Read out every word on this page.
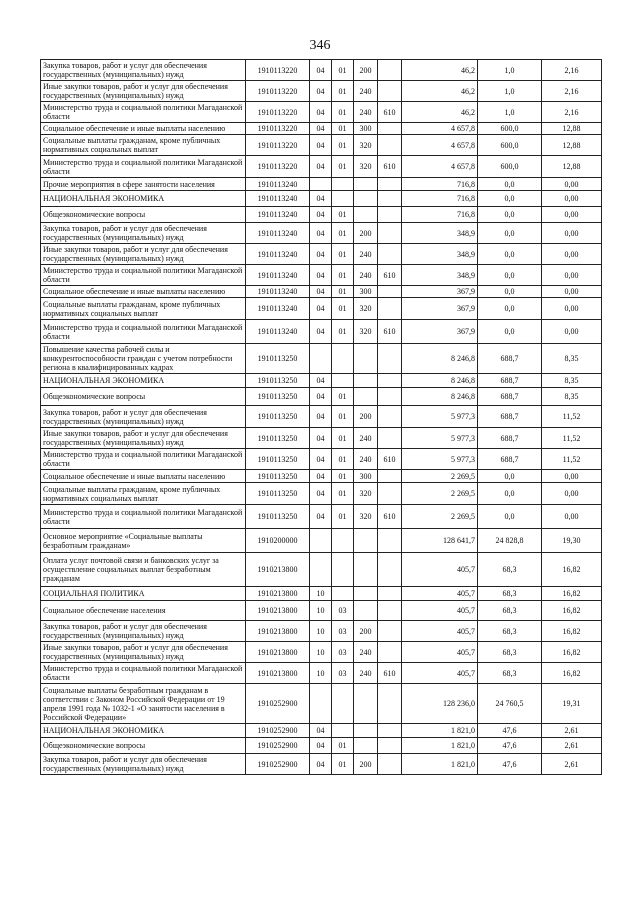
346
Закупка товаров, работ и услуг для обеспечения государственных (муниципальных) нужд	1910113220	04	01	200		46,2	1,0	2,16
Иные закупки товаров, работ и услуг для обеспечения государственных (муниципальных) нужд	1910113220	04	01	240		46,2	1,0	2,16
Министерство труда и социальной политики Магаданской области	1910113220	04	01	240	610	46,2	1,0	2,16
Социальное обеспечение и иные выплаты населению	1910113220	04	01	300		4 657,8	600,0	12,88
Социальные выплаты гражданам, кроме публичных нормативных социальных выплат	1910113220	04	01	320		4 657,8	600,0	12,88
Министерство труда и социальной политики Магаданской области	1910113220	04	01	320	610	4 657,8	600,0	12,88
Прочие мероприятия в сфере занятости населения	1910113240					716,8	0,0	0,00
НАЦИОНАЛЬНАЯ ЭКОНОМИКА	1910113240	04				716,8	0,0	0,00
Общеэкономические вопросы	1910113240	04	01			716,8	0,0	0,00
Закупка товаров, работ и услуг для обеспечения государственных (муниципальных) нужд	1910113240	04	01	200		348,9	0,0	0,00
Иные закупки товаров, работ и услуг для обеспечения государственных (муниципальных) нужд	1910113240	04	01	240		348,9	0,0	0,00
Министерство труда и социальной политики Магаданской области	1910113240	04	01	240	610	348,9	0,0	0,00
Социальное обеспечение и иные выплаты населению	1910113240	04	01	300		367,9	0,0	0,00
Социальные выплаты гражданам, кроме публичных нормативных социальных выплат	1910113240	04	01	320		367,9	0,0	0,00
Министерство труда и социальной политики Магаданской области	1910113240	04	01	320	610	367,9	0,0	0,00
Повышение качества рабочей силы и конкурентоспособности граждан с учетом потребности региона в квалифицированных кадрах	1910113250					8 246,8	688,7	8,35
НАЦИОНАЛЬНАЯ ЭКОНОМИКА	1910113250	04				8 246,8	688,7	8,35
Общеэкономические вопросы	1910113250	04	01			8 246,8	688,7	8,35
Закупка товаров, работ и услуг для обеспечения государственных (муниципальных) нужд	1910113250	04	01	200		5 977,3	688,7	11,52
Иные закупки товаров, работ и услуг для обеспечения государственных (муниципальных) нужд	1910113250	04	01	240		5 977,3	688,7	11,52
Министерство труда и социальной политики Магаданской области	1910113250	04	01	240	610	5 977,3	688,7	11,52
Социальное обеспечение и иные выплаты населению	1910113250	04	01	300		2 269,5	0,0	0,00
Социальные выплаты гражданам, кроме публичных нормативных социальных выплат	1910113250	04	01	320		2 269,5	0,0	0,00
Министерство труда и социальной политики Магаданской области	1910113250	04	01	320	610	2 269,5	0,0	0,00
Основное мероприятие «Социальные выплаты безработным гражданам»	1910200000					128 641,7	24 828,8	19,30
Оплата услуг почтовой связи и банковских услуг за осуществление социальных выплат безработным гражданам	1910213800					405,7	68,3	16,82
СОЦИАЛЬНАЯ ПОЛИТИКА	1910213800	10				405,7	68,3	16,82
Социальное обеспечение населения	1910213800	10	03			405,7	68,3	16,82
Закупка товаров, работ и услуг для обеспечения государственных (муниципальных) нужд	1910213800	10	03	200		405,7	68,3	16,82
Иные закупки товаров, работ и услуг для обеспечения государственных (муниципальных) нужд	1910213800	10	03	240		405,7	68,3	16,82
Министерство труда и социальной политики Магаданской области	1910213800	10	03	240	610	405,7	68,3	16,82
Социальные выплаты безработным гражданам в соответствии с Законом Российской Федерации от 19 апреля 1991 года № 1032-1 «О занятости населения в Российской Федерации»	1910252900					128 236,0	24 760,5	19,31
НАЦИОНАЛЬНАЯ ЭКОНОМИКА	1910252900	04				1 821,0	47,6	2,61
Общеэкономические вопросы	1910252900	04	01			1 821,0	47,6	2,61
Закупка товаров, работ и услуг для обеспечения государственных (муниципальных) нужд	1910252900	04	01	200		1 821,0	47,6	2,61
